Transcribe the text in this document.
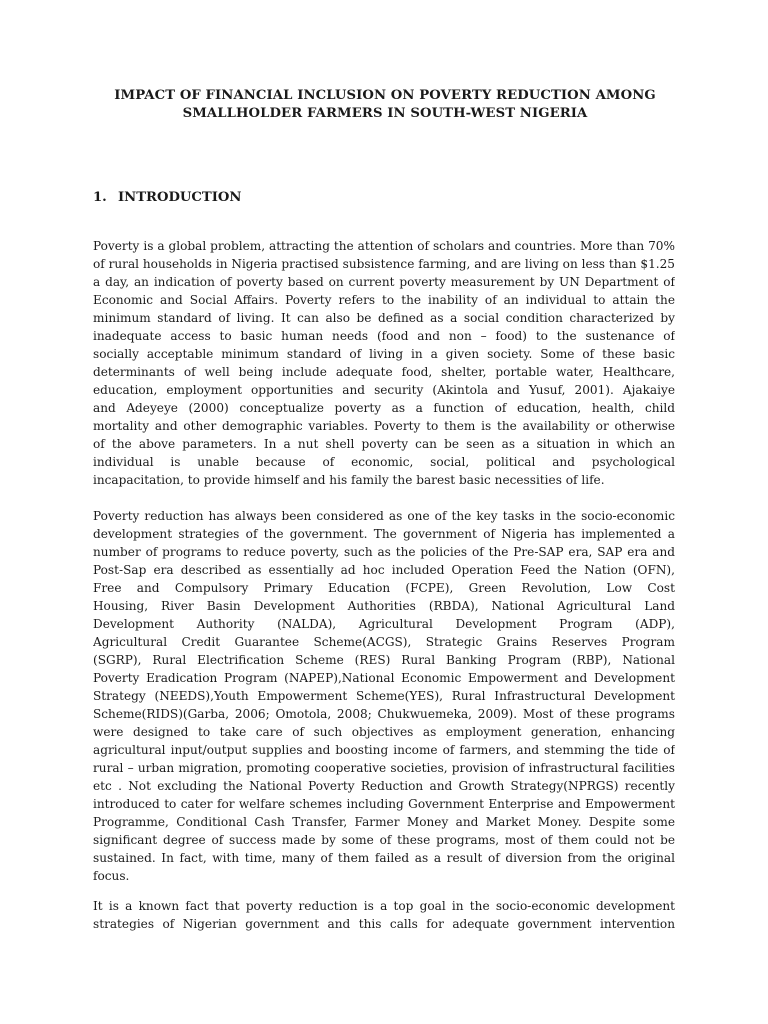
IMPACT OF FINANCIAL INCLUSION ON POVERTY REDUCTION AMONG
SMALLHOLDER FARMERS IN SOUTH-WEST NIGERIA
1. INTRODUCTION
Poverty is a global problem, attracting the attention of scholars and countries. More than 70%
of rural households in Nigeria practised subsistence farming, and are living on less than $1.25
a day, an indication of poverty based on current poverty measurement by UN Department of
Economic and Social Affairs. Poverty refers to the inability of an individual to attain the
minimum standard of living. It can also be defined as a social condition characterized by
inadequate access to basic human needs (food and non – food) to the sustenance of
socially acceptable minimum standard of living in a given society. Some of these basic
determinants of well being include adequate food, shelter, portable water, Healthcare,
education, employment opportunities and security (Akintola and Yusuf, 2001). Ajakaiye
and Adeyeye (2000) conceptualize poverty as a function of education, health, child
mortality and other demographic variables. Poverty to them is the availability or otherwise
of the above parameters. In a nut shell poverty can be seen as a situation in which an
individual is unable because of economic, social, political and psychological
incapacitation, to provide himself and his family the barest basic necessities of life.
Poverty reduction has always been considered as one of the key tasks in the socio-economic
development strategies of the government. The government of Nigeria has implemented a
number of programs to reduce poverty, such as the policies of the Pre-SAP era, SAP era and
Post-Sap era described as essentially ad hoc included Operation Feed the Nation (OFN),
Free and Compulsory Primary Education (FCPE), Green Revolution, Low Cost
Housing, River Basin Development Authorities (RBDA), National Agricultural Land
Development Authority (NALDA), Agricultural Development Program (ADP),
Agricultural Credit Guarantee Scheme(ACGS), Strategic Grains Reserves Program
(SGRP), Rural Electrification Scheme (RES) Rural Banking Program (RBP), National
Poverty Eradication Program (NAPEP),National Economic Empowerment and Development
Strategy (NEEDS),Youth Empowerment Scheme(YES), Rural Infrastructural Development
Scheme(RIDS)(Garba, 2006; Omotola, 2008; Chukwuemeka, 2009). Most of these programs
were designed to take care of such objectives as employment generation, enhancing
agricultural input/output supplies and boosting income of farmers, and stemming the tide of
rural – urban migration, promoting cooperative societies, provision of infrastructural facilities
etc . Not excluding the National Poverty Reduction and Growth Strategy(NPRGS) recently
introduced to cater for welfare schemes including Government Enterprise and Empowerment
Programme, Conditional Cash Transfer, Farmer Money and Market Money. Despite some
significant degree of success made by some of these programs, most of them could not be
sustained. In fact, with time, many of them failed as a result of diversion from the original
focus.
It is a known fact that poverty reduction is a top goal in the socio-economic development
strategies of Nigerian government and this calls for adequate government intervention
